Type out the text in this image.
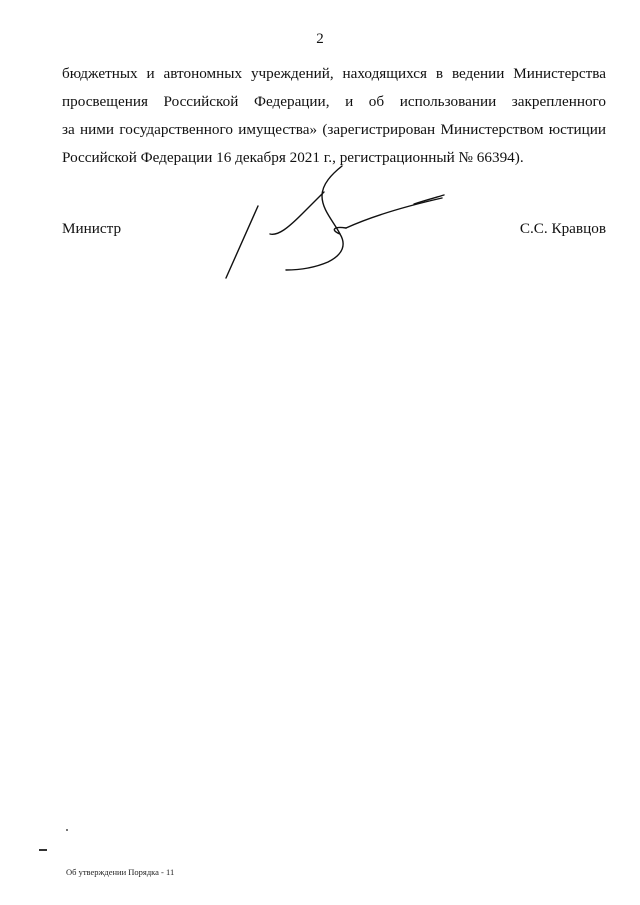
2
бюджетных и автономных учреждений, находящихся в ведении Министерства
просвещения Российской Федерации, и об использовании закрепленного
за ними государственного имущества» (зарегистрирован Министерством юстиции
Российской Федерации 16 декабря 2021 г., регистрационный № 66394).
Министр	С.С. Кравцов
Об утверждении Порядка - 11
